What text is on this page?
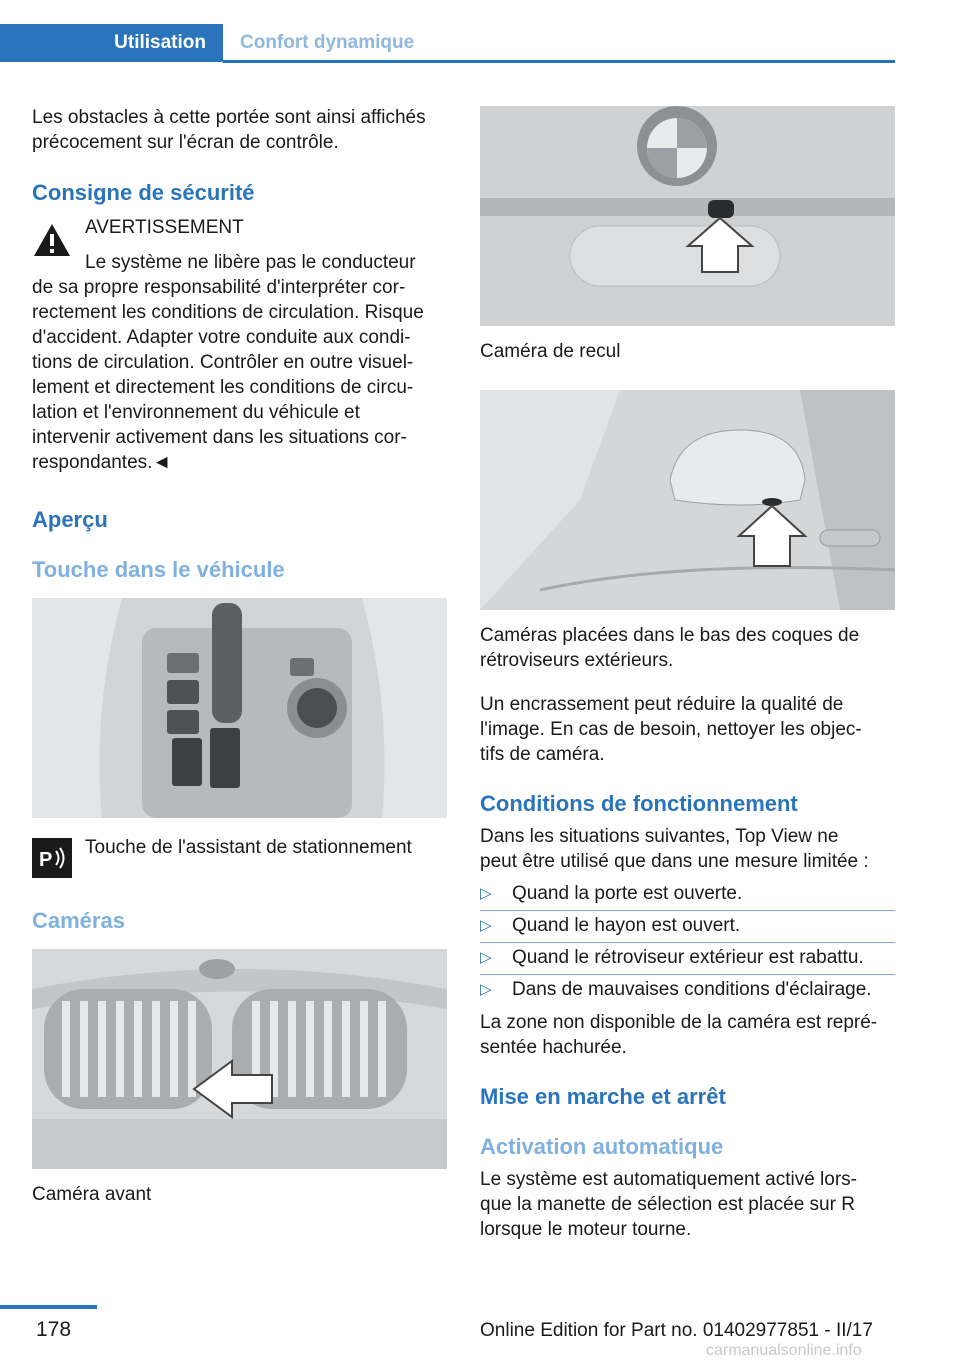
Utilisation Confort dynamique

Les obstacles à cette portée sont ainsi affichés

précocement sur l'écran de contrôle.

Consigne de sécurité

AVERTISSEMENT

Le système ne libère pas le conducteur

de sa propre responsabilité d'interpréter cor-

rectement les conditions de circulation. Risque

d'accident. Adapter votre conduite aux condi-

tions de circulation. Contrôler en outre visuel-

lement et directement les conditions de circu-

lation et l'environnement du véhicule et

intervenir activement dans les situations cor-

respondantes.◄

Aperçu
Touche dans le véhicule
P

Touche de l'assistant de stationnement

Caméras

Caméra avant

Caméra de recul

Caméras placées dans le bas des coques de

rétroviseurs extérieurs.

Un encrassement peut réduire la qualité de

l'image. En cas de besoin, nettoyer les objec-

tifs de caméra.

Conditions de fonctionnement

Dans les situations suivantes, Top View ne

peut être utilisé que dans une mesure limitée :

▷ Quand la porte est ouverte.
▷ Quand le hayon est ouvert.
▷ Quand le rétroviseur extérieur est rabattu.
▷ Dans de mauvaises conditions d'éclairage.

La zone non disponible de la caméra est repré-

sentée hachurée.

Mise en marche et arrêt
Activation automatique

Le système est automatiquement activé lors-

que la manette de sélection est placée sur R

lorsque le moteur tourne.

178	Online Edition for Part no. 01402977851 - II/17
carmanualsonline.info
